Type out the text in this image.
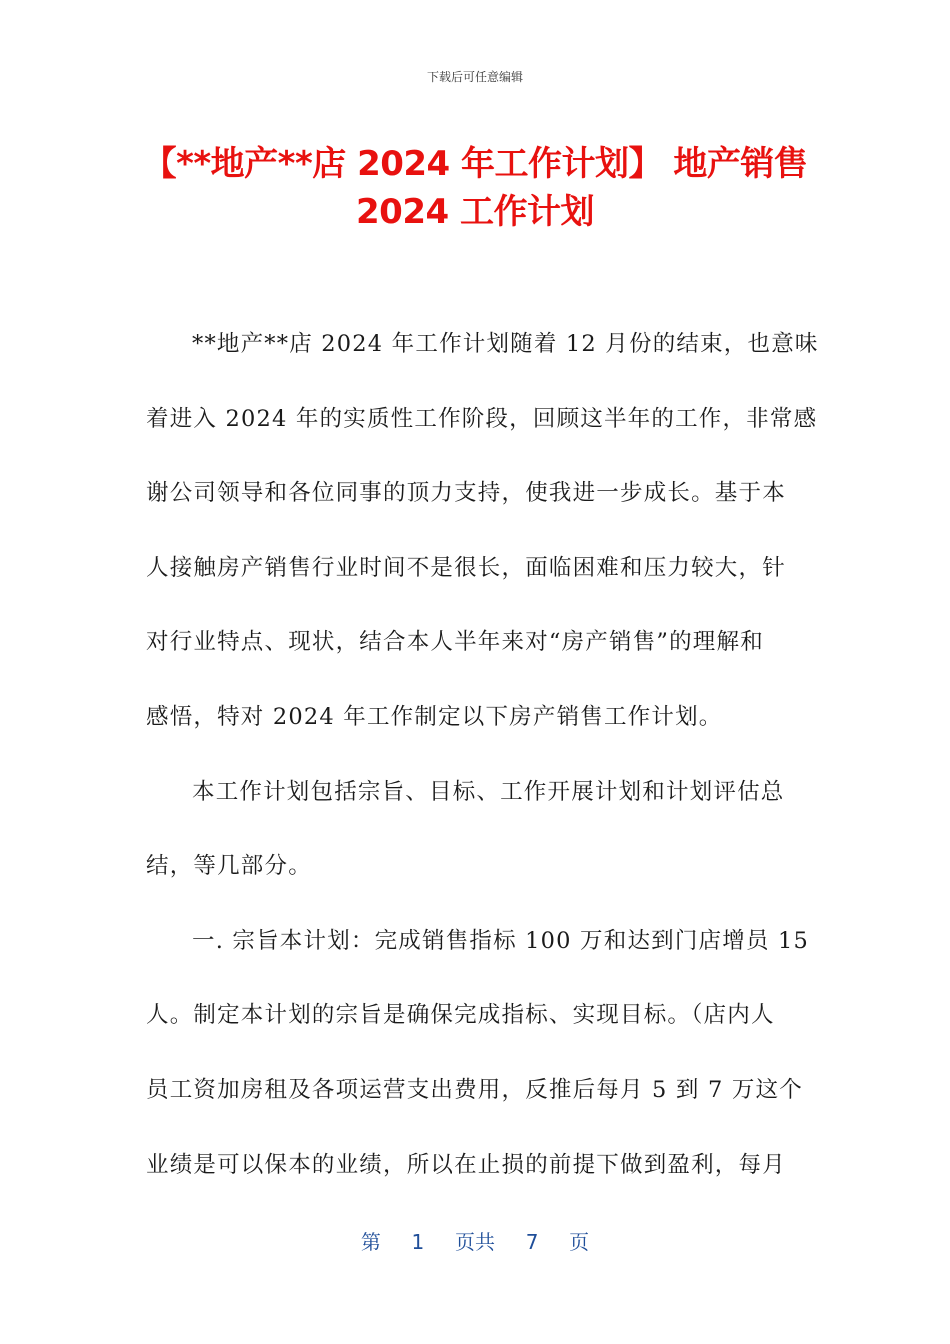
下载后可任意编辑
【**地产**店 2024 年工作计划】 地产销售
2024 工作计划
**地产**店 2024 年工作计划随着 12 月份的结束，也意味
着进入 2024 年的实质性工作阶段，回顾这半年的工作，非常感
谢公司领导和各位同事的顶力支持，使我进一步成长。基于本
人接触房产销售行业时间不是很长，面临困难和压力较大，针
对行业特点、现状，结合本人半年来对“房产销售”的理解和
感悟，特对 2024 年工作制定以下房产销售工作计划。
本工作计划包括宗旨、目标、工作开展计划和计划评估总
结，等几部分。
一. 宗旨本计划：完成销售指标 100 万和达到门店增员 15
人。制定本计划的宗旨是确保完成指标、实现目标。（店内人
员工资加房租及各项运营支出费用，反推后每月 5 到 7 万这个
业绩是可以保本的业绩，所以在止损的前提下做到盈利，每月
第 1 页共 7 页
